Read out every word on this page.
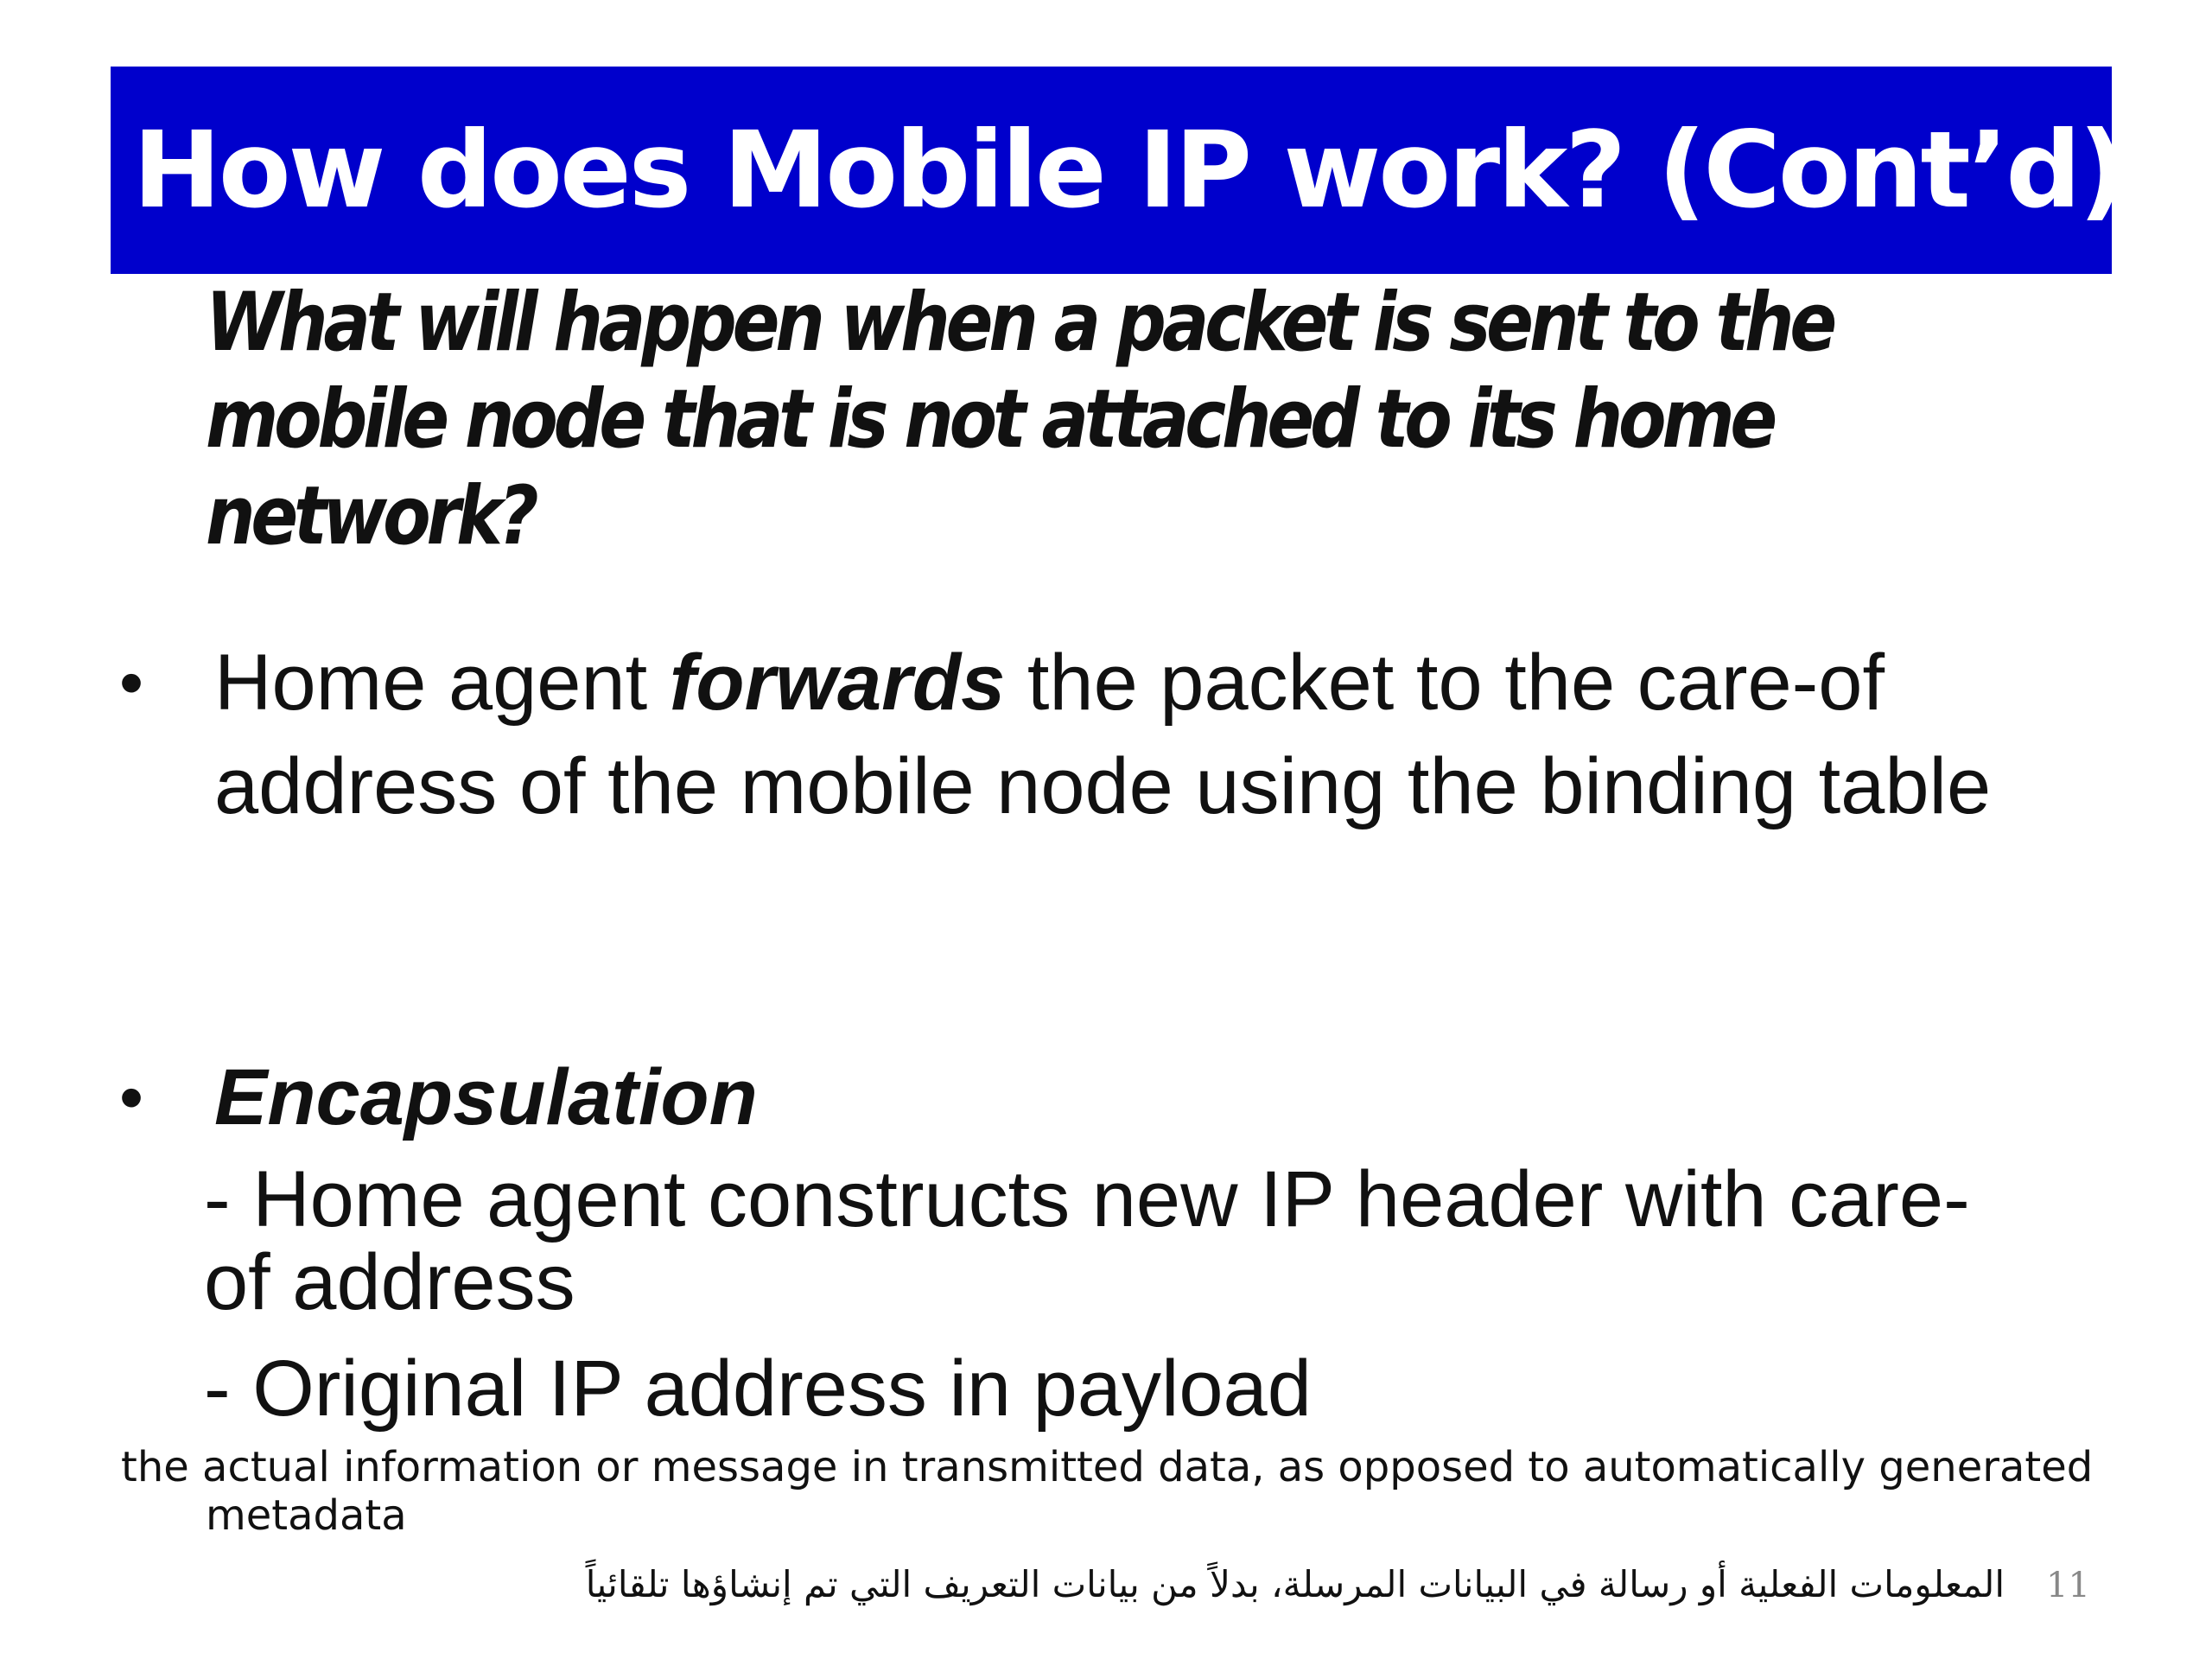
How does Mobile IP work? (Cont’d)
What will happen when a packet is sent to the mobile node that is not attached to its home network?
• Home agent forwards the packet to the care-of address of the mobile node using the binding table
• Encapsulation
- Home agent constructs new IP header with care-of address
- Original IP address in payload
the actual information or message in transmitted data, as opposed to automatically generated
metadata
المعلومات الفعلية أو رسالة في البيانات المرسلة، بدلاً من بيانات التعريف التي تم إنشاؤها تلقائياً 11
